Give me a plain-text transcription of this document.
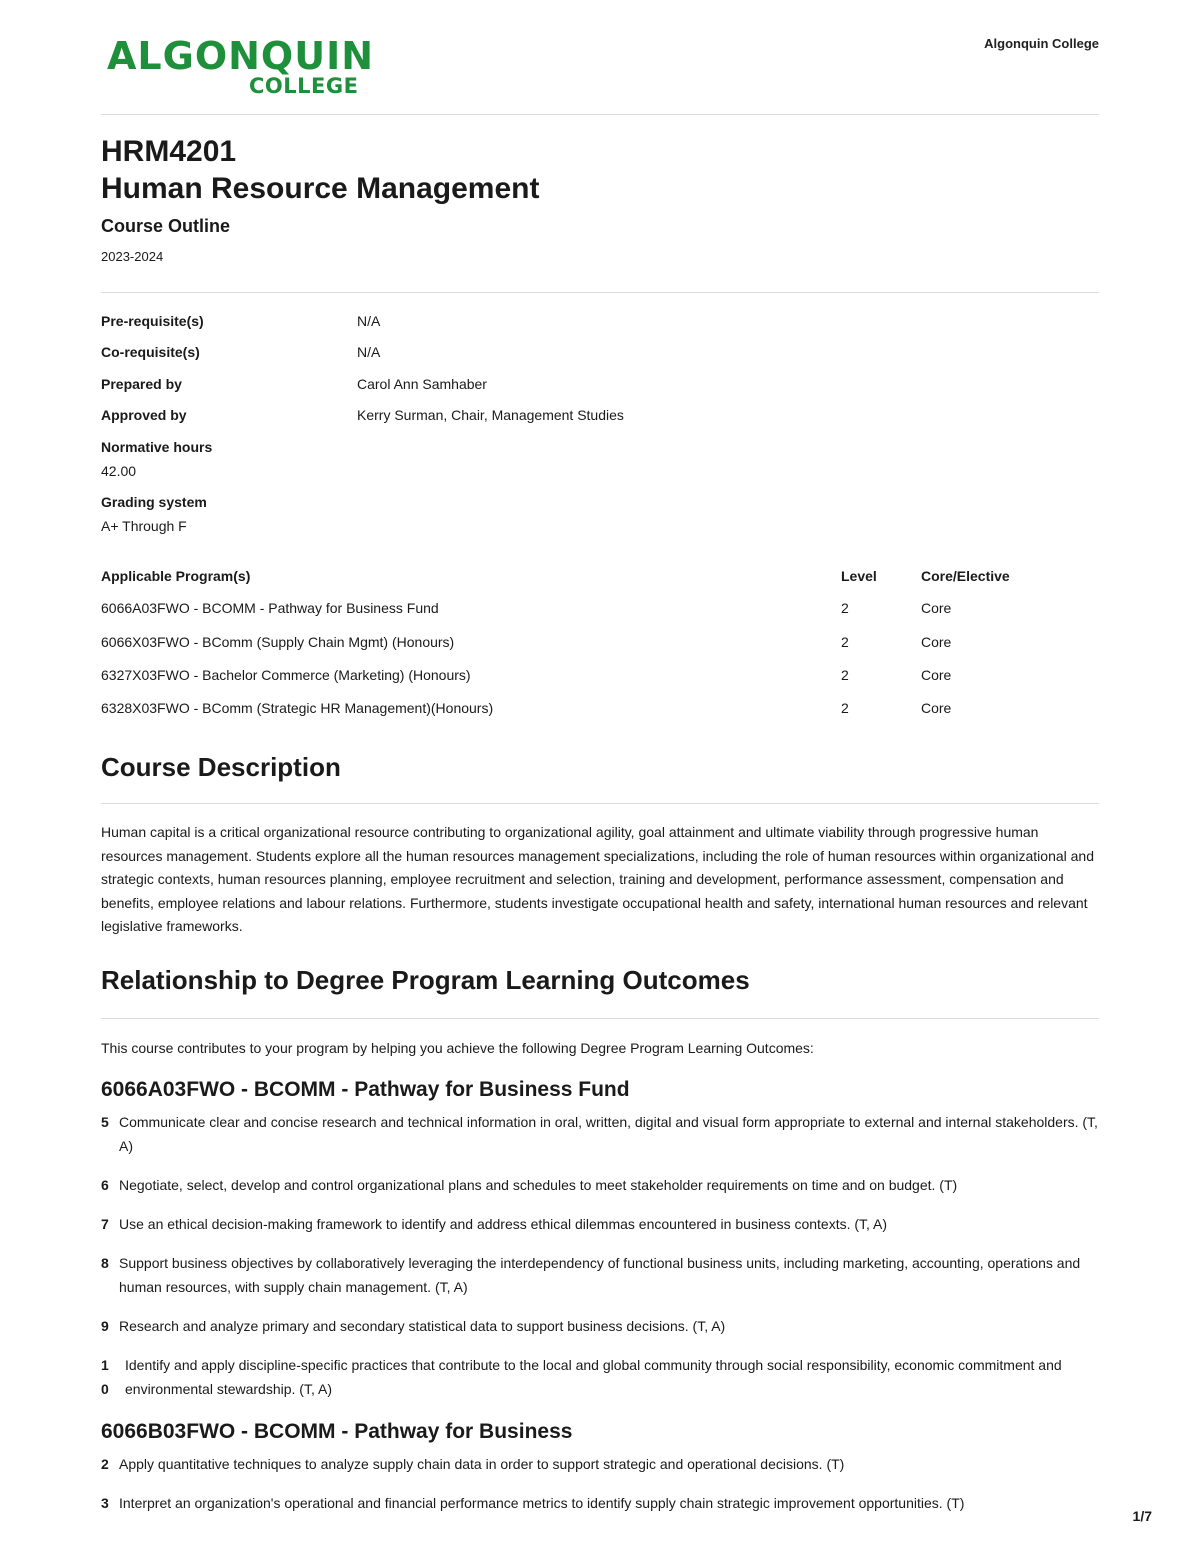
ALGONQUIN
COLLEGE
Algonquin College
HRM4201
Human Resource Management
Course Outline
2023-2024
Pre-requisite(s)	N/A
Co-requisite(s)	N/A
Prepared by	Carol Ann Samhaber
Approved by	Kerry Surman, Chair, Management Studies
Normative hours
42.00
Grading system
A+ Through F
Applicable Program(s)	Level	Core/Elective
6066A03FWO - BCOMM - Pathway for Business Fund	2	Core
6066X03FWO - BComm (Supply Chain Mgmt) (Honours)	2	Core
6327X03FWO - Bachelor Commerce (Marketing) (Honours)	2	Core
6328X03FWO - BComm (Strategic HR Management)(Honours)	2	Core
Course Description
Human capital is a critical organizational resource contributing to organizational agility, goal attainment and ultimate viability through progressive human resources management. Students explore all the human resources management specializations, including the role of human resources within organizational and strategic contexts, human resources planning, employee recruitment and selection, training and development, performance assessment, compensation and benefits, employee relations and labour relations. Furthermore, students investigate occupational health and safety, international human resources and relevant legislative frameworks.
Relationship to Degree Program Learning Outcomes
This course contributes to your program by helping you achieve the following Degree Program Learning Outcomes:
6066A03FWO - BCOMM - Pathway for Business Fund
5 Communicate clear and concise research and technical information in oral, written, digital and visual form appropriate to external and internal stakeholders. (T, A)
6 Negotiate, select, develop and control organizational plans and schedules to meet stakeholder requirements on time and on budget. (T)
7 Use an ethical decision-making framework to identify and address ethical dilemmas encountered in business contexts. (T, A)
8 Support business objectives by collaboratively leveraging the interdependency of functional business units, including marketing, accounting, operations and human resources, with supply chain management. (T, A)
9 Research and analyze primary and secondary statistical data to support business decisions. (T, A)
1
0
Identify and apply discipline-specific practices that contribute to the local and global community through social responsibility, economic commitment and environmental stewardship. (T, A)
6066B03FWO - BCOMM - Pathway for Business
2 Apply quantitative techniques to analyze supply chain data in order to support strategic and operational decisions. (T)
3 Interpret an organization's operational and financial performance metrics to identify supply chain strategic improvement opportunities. (T)
1/7
